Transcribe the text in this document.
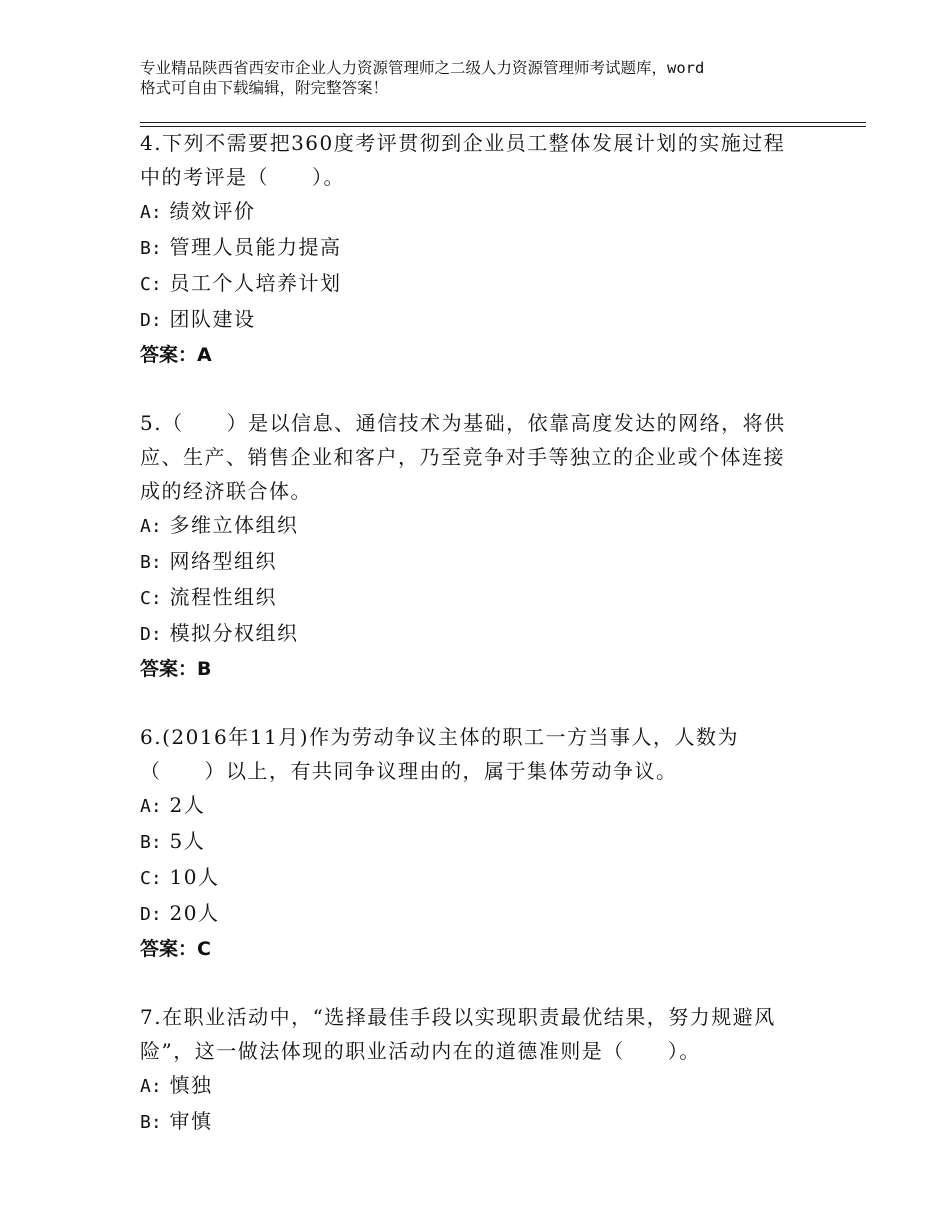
专业精品陕西省西安市企业人力资源管理师之二级人力资源管理师考试题库，word
格式可自由下载编辑，附完整答案！
4.下列不需要把360度考评贯彻到企业员工整体发展计划的实施过程
中的考评是（　　）。
A: 绩效评价
B: 管理人员能力提高
C: 员工个人培养计划
D: 团队建设
答案：A
5.（　　）是以信息、通信技术为基础，依靠高度发达的网络，将供
应、生产、销售企业和客户，乃至竞争对手等独立的企业或个体连接
成的经济联合体。
A: 多维立体组织
B: 网络型组织
C: 流程性组织
D: 模拟分权组织
答案：B
6.(2016年11月)作为劳动争议主体的职工一方当事人，人数为
（　　）以上，有共同争议理由的，属于集体劳动争议。
A: 2人
B: 5人
C: 10人
D: 20人
答案：C
7.在职业活动中，“选择最佳手段以实现职责最优结果，努力规避风
险”，这一做法体现的职业活动内在的道德准则是（　　）。
A: 慎独
B: 审慎
